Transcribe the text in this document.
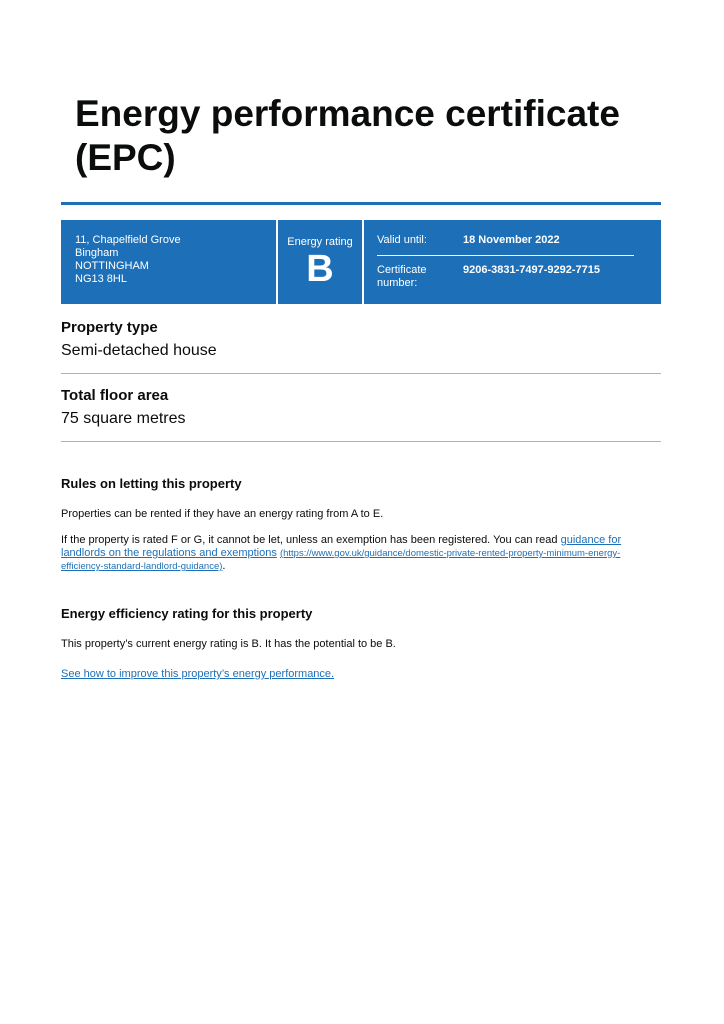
Energy performance certificate (EPC)
11, Chapelfield Grove
Bingham
NOTTINGHAM
NG13 8HL
Energy rating
B
Valid until:	18 November 2022
Certificate number:
9206-3831-7497-9292-7715
Property type
Semi-detached house
Total floor area
75 square metres
Rules on letting this property

Properties can be rented if they have an energy rating from A to E.

If the property is rated F or G, it cannot be let, unless an exemption has been registered. You can read guidance for landlords on the regulations and exemptions (https://www.gov.uk/guidance/domestic-private-rented-property-minimum-energy-efficiency-standard-landlord-guidance).

Energy efficiency rating for this property

This property’s current energy rating is B. It has the potential to be B.

See how to improve this property’s energy performance.
